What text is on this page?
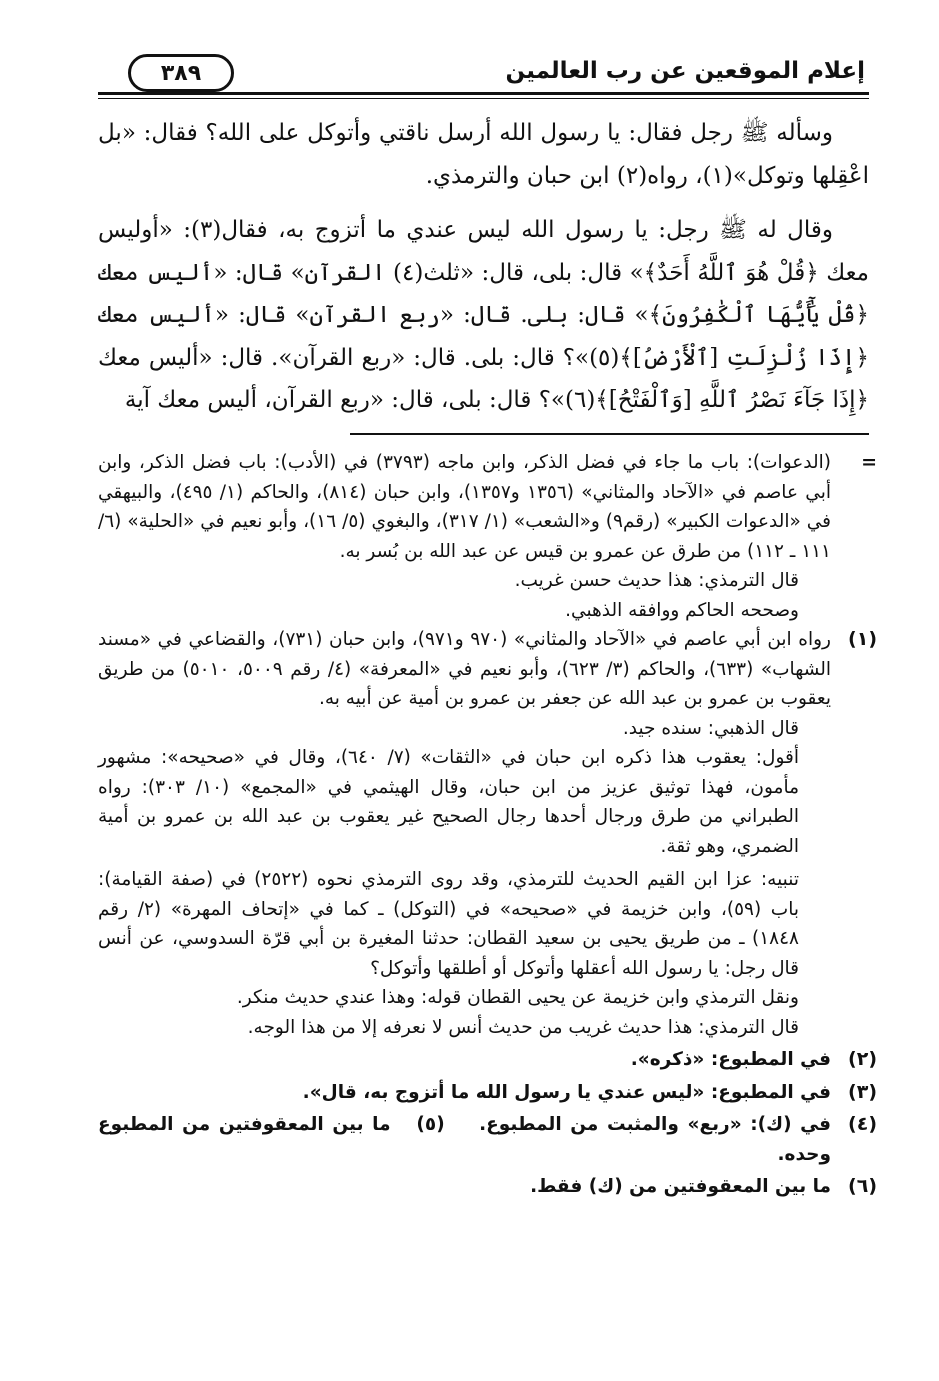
إعلام الموقعين عن رب العالمين
٣٨٩

وسأله ﷺ رجل فقال: يا رسول الله أرسل ناقتي وأتوكل على الله؟ فقال: «بل اعْقِلها وتوكل»(١)، رواه(٢) ابن حبان والترمذي.

وقال له ﷺ رجل: يا رسول الله ليس عندي ما أتزوج به، فقال(٣): «أوليس معك ﴿قُلْ هُوَ ٱللَّهُ أَحَدٌ﴾» قال: بلى، قال: «ثلث(٤) القرآن» قال: «أليس معك ﴿قُلْ يَٰٓأَيُّهَا ٱلْكَٰفِرُونَ﴾» قال: بلى. قال: «ربع القرآن» قال: «أليس معك ﴿إِذَا زُلْزِلَتِ [ٱلْأَرْضُ]﴾(٥)»؟ قال: بلى. قال: «ربع القرآن». قال: «أليس معك ﴿إِذَا جَآءَ نَصْرُ ٱللَّهِ [وَٱلْفَتْحُ]﴾(٦)»؟ قال: بلى، قال: «ربع القرآن، أليس معك آية

=

(الدعوات): باب ما جاء في فضل الذكر، وابن ماجه (٣٧٩٣) في (الأدب): باب فضل الذكر، وابن أبي عاصم في «الآحاد والمثاني» (١٣٥٦ و١٣٥٧)، وابن حبان (٨١٤)، والحاكم (١/ ٤٩٥)، والبيهقي في «الدعوات الكبير» (رقم٩) و«الشعب» (١/ ٣١٧)، والبغوي (٥/ ١٦)، وأبو نعيم في «الحلية» (٦/ ١١١ ـ ١١٢) من طرق عن عمرو بن قيس عن عبد الله بن بُسر به.

قال الترمذي: هذا حديث حسن غريب.

وصححه الحاكم ووافقه الذهبي.

(١)

رواه ابن أبي عاصم في «الآحاد والمثاني» (٩٧٠ و٩٧١)، وابن حبان (٧٣١)، والقضاعي في «مسند الشهاب» (٦٣٣)، والحاكم (٣/ ٦٢٣)، وأبو نعيم في «المعرفة» (٤/ رقم ٥٠٠٩، ٥٠١٠) من طريق يعقوب بن عمرو بن عبد الله عن جعفر بن عمرو بن أمية عن أبيه به.

قال الذهبي: سنده جيد.

أقول: يعقوب هذا ذكره ابن حبان في «الثقات» (٧/ ٦٤٠)، وقال في «صحيحه»: مشهور مأمون، فهذا توثيق عزيز من ابن حبان، وقال الهيثمي في «المجمع» (١٠/ ٣٠٣): رواه الطبراني من طرق ورجال أحدها رجال الصحيح غير يعقوب بن عبد الله بن عمرو بن أمية الضمري، وهو ثقة.

تنبيه: عزا ابن القيم الحديث للترمذي، وقد روى الترمذي نحوه (٢٥٢٢) في (صفة القيامة): باب (٥٩)، وابن خزيمة في «صحيحه» في (التوكل) ـ كما في «إتحاف المهرة» (٢/ رقم ١٨٤٨) ـ من طريق يحيى بن سعيد القطان: حدثنا المغيرة بن أبي قرّة السدوسي، عن أنس قال رجل: يا رسول الله أعقلها وأتوكل أو أطلقها وأتوكل؟

ونقل الترمذي وابن خزيمة عن يحيى القطان قوله: وهذا عندي حديث منكر.

قال الترمذي: هذا حديث غريب من حديث أنس لا نعرفه إلا من هذا الوجه.

(٢)

في المطبوع: «ذكره».

(٣)

في المطبوع: «ليس عندي يا رسول الله ما أتزوج به، قال».

(٤)

في (ك): «ربع» والمثبت من المطبوع.    (٥)   ما بين المعقوفتين من المطبوع وحده.

(٦)

ما بين المعقوفتين من (ك) فقط.
